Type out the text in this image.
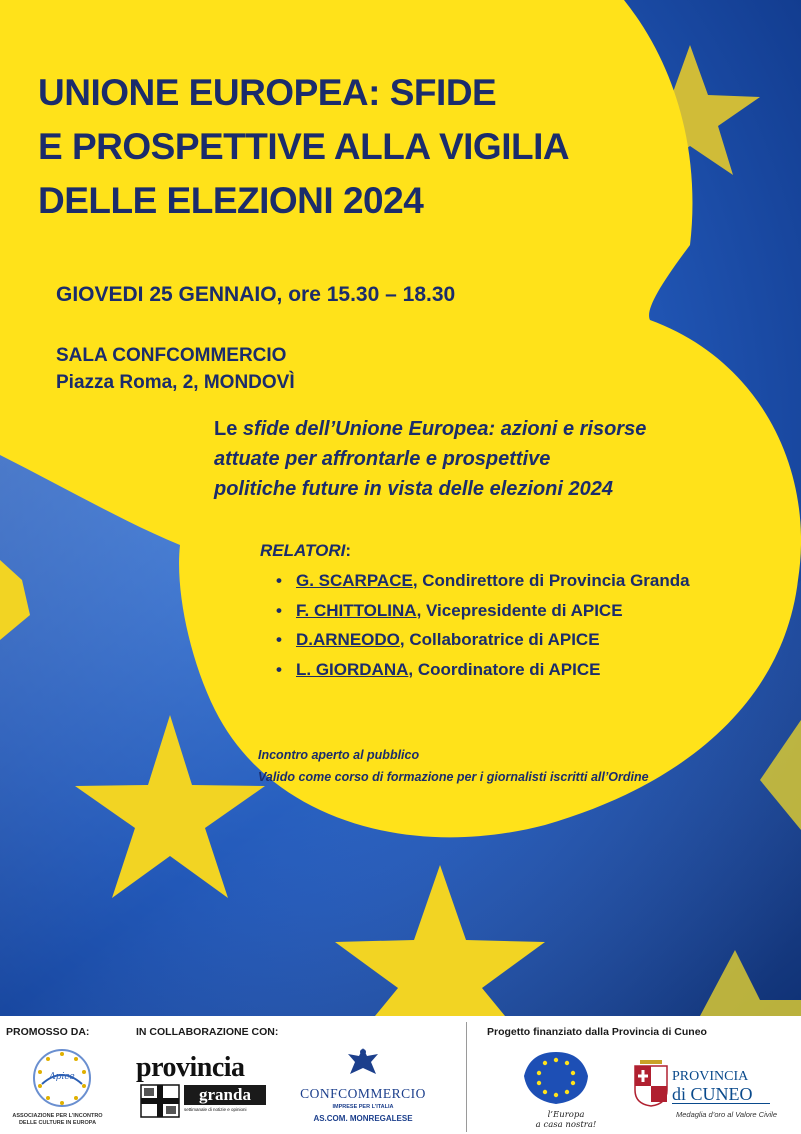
UNIONE EUROPEA: SFIDE
E PROSPETTIVE ALLA VIGILIA
DELLE ELEZIONI 2024
GIOVEDI 25 GENNAIO, ore 15.30 – 18.30
SALA CONFCOMMERCIO
Piazza Roma, 2, MONDOVÌ
Le sfide dell’Unione Europea: azioni e risorse
attuate per affrontarle e prospettive
politiche future in vista delle elezioni 2024
RELATORI:
• G. SCARPACE, Condirettore di Provincia Granda
• F. CHITTOLINA, Vicepresidente di APICE
• D.ARNEODO, Collaboratrice di APICE
• L. GIORDANA, Coordinatore di APICE
Incontro aperto al pubblico
Valido come corso di formazione per i giornalisti iscritti all’Ordine
PROMOSSO DA:	IN COLLABORAZIONE CON:	Progetto finanziato dalla Provincia di Cuneo
Apice
ASSOCIAZIONE PER L’INCONTRO DELLE CULTURE IN EUROPA
provincia
granda
settimanale di notizie e opinioni
CONFCOMMERCIO
IMPRESE PER L’ITALIA
AS.COM. MONREGALESE	l’Europa
a casa nostra!
PROVINCIA
di CUNEO
Medaglia d’oro al Valore Civile
